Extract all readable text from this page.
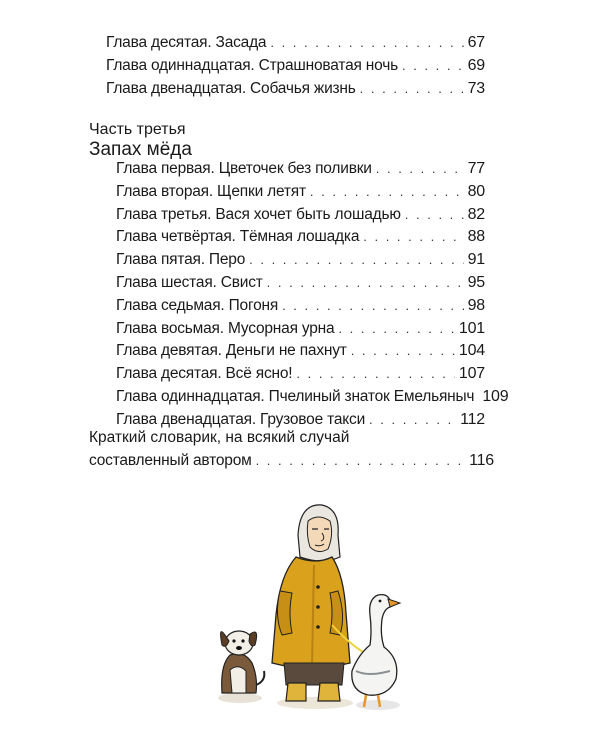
Глава десятая. Засада . . .	67
Глава одиннадцатая. Страшноватая ночь . . .	69
Глава двенадцатая. Собачья жизнь . . .	73
Часть третья
Запах мёда
Глава первая. Цветочек без поливки . . .	77
Глава вторая. Щепки летят . . .	80
Глава третья. Вася хочет быть лошадью . . .	82
Глава четвёртая. Тёмная лошадка . . .	88
Глава пятая. Перо . . .	91
Глава шестая. Свист . . .	95
Глава седьмая. Погоня . . .	98
Глава восьмая. Мусорная урна . . .	101
Глава девятая. Деньги не пахнут . . .	104
Глава десятая. Всё ясно! . . .	107
Глава одиннадцатая. Пчелиный знаток Емельяныч 109
Глава двенадцатая. Грузовое такси . . .	112
Краткий словарик, на всякий случай
составленный автором . . .	116
